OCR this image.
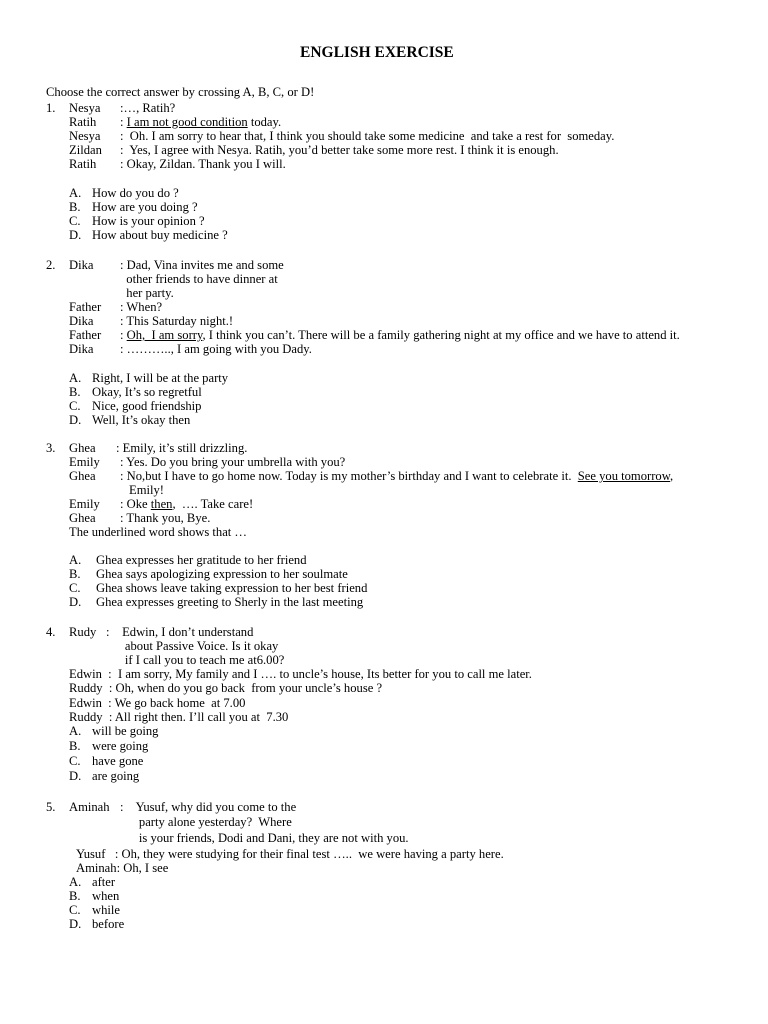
ENGLISH EXERCISE
Choose the correct answer by crossing A, B, C, or D!
1. Nesya :…, Ratih?
Ratih : I am not good condition today.
Nesya :  Oh. I am sorry to hear that, I think you should take some medicine  and take a rest for  someday.
Zildan :  Yes, I agree with Nesya. Ratih, you’d better take some more rest. I think it is enough.
Ratih : Okay, Zildan. Thank you I will.
A. How do you do ?
B. How are you doing ?
C. How is your opinion ?
D. How about buy medicine ?
2. Dika : Dad, Vina invites me and some
other friends to have dinner at
her party.
Father : When?
Dika : This Saturday night.!
Father : Oh,  I am sorry, I think you can’t. There will be a family gathering night at my office and we have to attend it.
Dika : ……….., I am going with you Dady.
A. Right, I will be at the party
B. Okay, It’s so regretful
C. Nice, good friendship
D. Well, It’s okay then
3. Ghea : Emily, it’s still drizzling.
Emily : Yes. Do you bring your umbrella with you?
Ghea : No,but I have to go home now. Today is my mother’s birthday and I want to celebrate it.  See you tomorrow,
Emily!
Emily : Oke then,  …. Take care!
Ghea : Thank you, Bye.
The underlined word shows that …
A. Ghea expresses her gratitude to her friend
B. Ghea says apologizing expression to her soulmate
C. Ghea shows leave taking expression to her best friend
D. Ghea expresses greeting to Sherly in the last meeting
4. Rudy :    Edwin, I don’t understand
about Passive Voice. Is it okay
if I call you to teach me at6.00?
Edwin  :  I am sorry, My family and I …. to uncle’s house, Its better for you to call me later.
Ruddy  : Oh, when do you go back  from your uncle’s house ?
Edwin  : We go back home  at 7.00
Ruddy  : All right then. I’ll call you at  7.30
A. will be going
B. were going
C. have gone
D. are going
5. Aminah :    Yusuf, why did you come to the
party alone yesterday?  Where
is your friends, Dodi and Dani, they are not with you.
Yusuf   : Oh, they were studying for their final test …..  we were having a party here.
Aminah: Oh, I see
A. after
B. when
C. while
D. before
